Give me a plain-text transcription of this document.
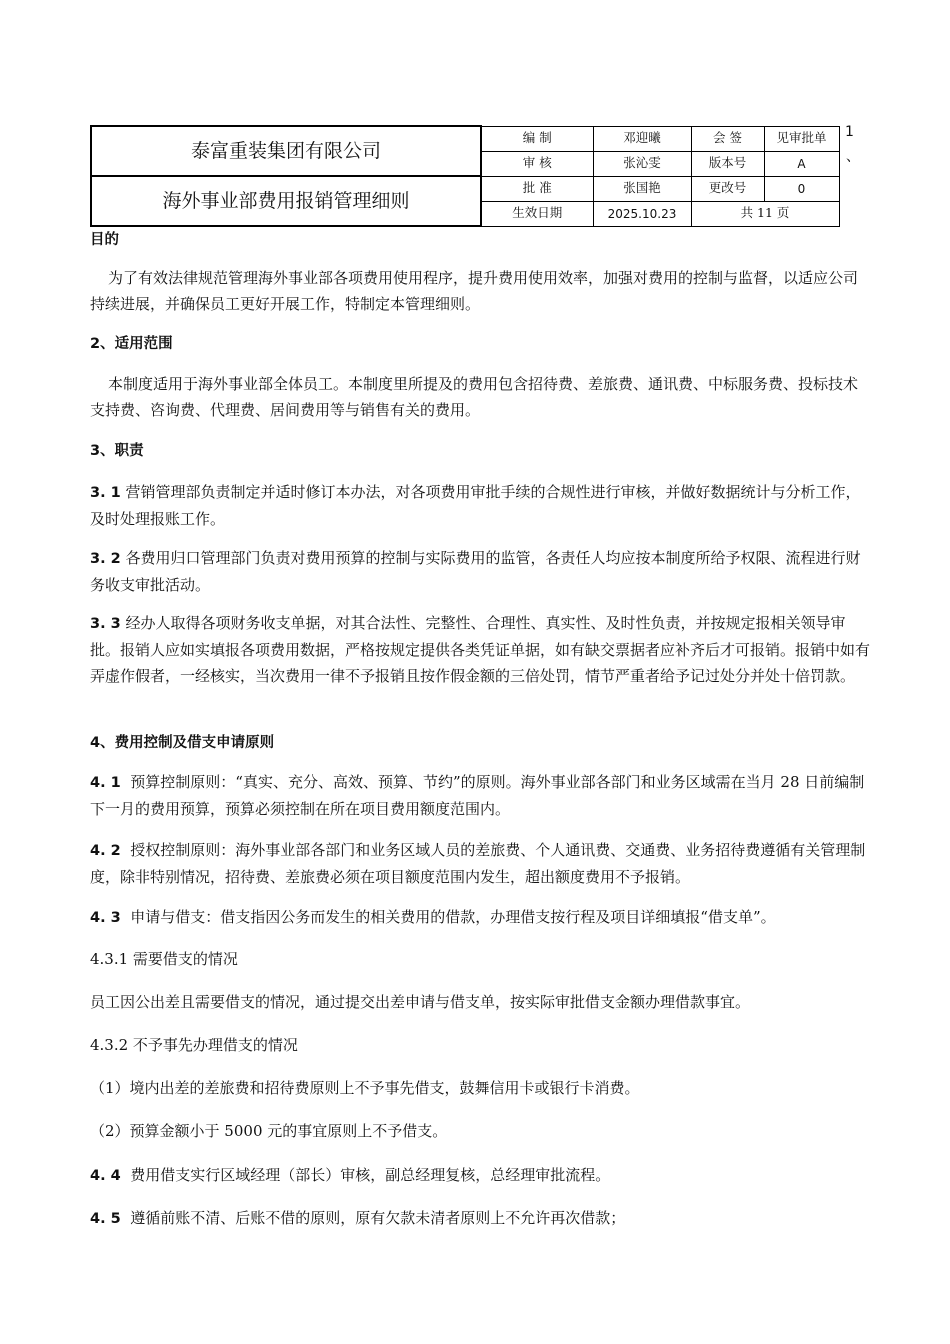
泰富重装集团有限公司	编 制	邓迎曦	会 签	见审批单
	审 核	张沁雯	版本号	A
海外事业部费用报销管理细则	批 准	张国艳	更改号	0
	生效日期	2025.10.23	共 11 页	
1
、
目的

为了有效法律规范管理海外事业部各项费用使用程序，提升费用使用效率，加强对费用的控制与监督，以适应公司持续进展，并确保员工更好开展工作，特制定本管理细则。

2、适用范围

本制度适用于海外事业部全体员工。本制度里所提及的费用包含招待费、差旅费、通讯费、中标服务费、投标技术支持费、咨询费、代理费、居间费用等与销售有关的费用。

3、职责

3. 1 营销管理部负责制定并适时修订本办法，对各项费用审批手续的合规性进行审核，并做好数据统计与分析工作，及时处理报账工作。

3. 2 各费用归口管理部门负责对费用预算的控制与实际费用的监管，各责任人均应按本制度所给予权限、流程进行财务收支审批活动。

3. 3 经办人取得各项财务收支单据，对其合法性、完整性、合理性、真实性、及时性负责，并按规定报相关领导审批。报销人应如实填报各项费用数据，严格按规定提供各类凭证单据，如有缺交票据者应补齐后才可报销。报销中如有弄虚作假者，一经核实，当次费用一律不予报销且按作假金额的三倍处罚，情节严重者给予记过处分并处十倍罚款。

4、费用控制及借支申请原则

4. 1 预算控制原则：“真实、充分、高效、预算、节约”的原则。海外事业部各部门和业务区域需在当月 28 日前编制下一月的费用预算，预算必须控制在所在项目费用额度范围内。

4. 2 授权控制原则：海外事业部各部门和业务区域人员的差旅费、个人通讯费、交通费、业务招待费遵循有关管理制度，除非特别情况，招待费、差旅费必须在项目额度范围内发生，超出额度费用不予报销。

4. 3 申请与借支：借支指因公务而发生的相关费用的借款，办理借支按行程及项目详细填报“借支单”。

4.3.1 需要借支的情况
员工因公出差且需要借支的情况，通过提交出差申请与借支单，按实际审批借支金额办理借款事宜。
4.3.2 不予事先办理借支的情况
（1）境内出差的差旅费和招待费原则上不予事先借支，鼓舞信用卡或银行卡消费。
（2）预算金额小于 5000 元的事宜原则上不予借支。

4. 4 费用借支实行区域经理（部长）审核，副总经理复核，总经理审批流程。

4. 5 遵循前账不清、后账不借的原则，原有欠款未清者原则上不允许再次借款；
